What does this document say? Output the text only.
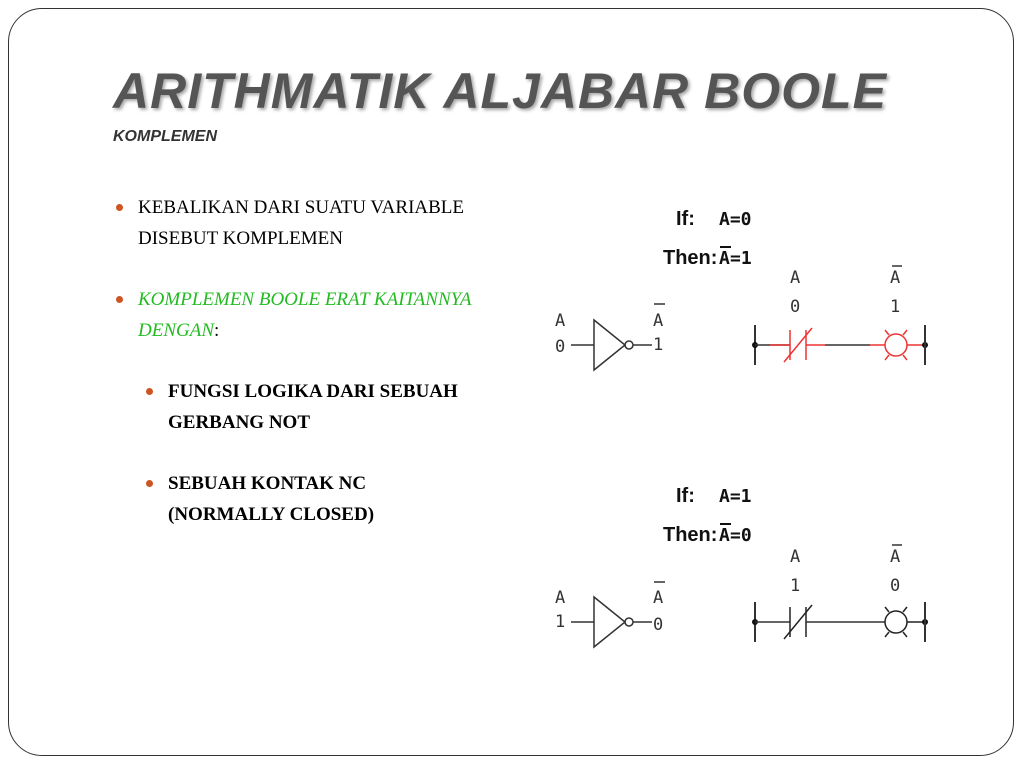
ARITHMATIK ALJABAR BOOLE
KOMPLEMEN
KEBALIKAN DARI SUATU VARIABLE DISEBUT KOMPLEMEN
KOMPLEMEN BOOLE ERAT KAITANNYA DENGAN:
FUNGSI LOGIKA DARI SEBUAH GERBANG NOT
SEBUAH KONTAK NC (NORMALLY CLOSED)
If: A=0
Then: A =1
A
0
A
1
A
0
A
1
If: A=1
Then: A =0
A
1
A
0
A
1
A
0
